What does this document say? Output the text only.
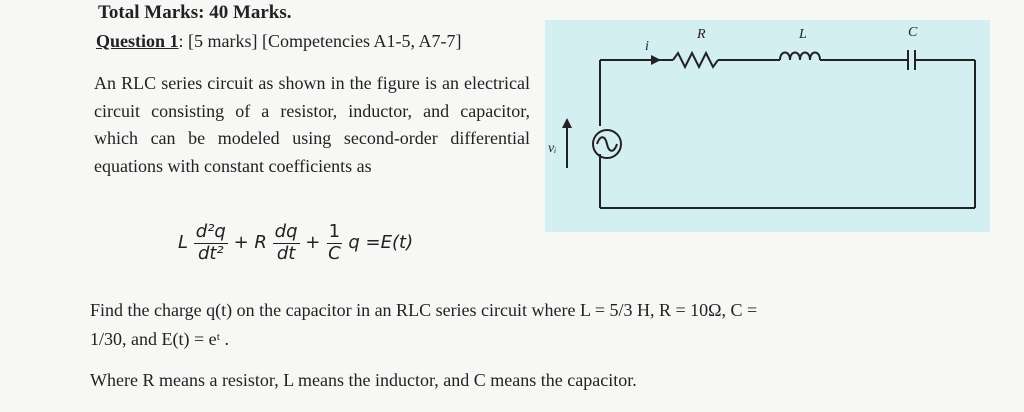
Total Marks: 40 Marks.
Question 1: [5 marks] [Competencies A1-5, A7-7]
An RLC series circuit as shown in the figure is an electrical circuit consisting of a resistor, inductor, and capacitor, which can be modeled using second-order differential equations with constant coefficients as
L $\frac{\text{d²q}}{\text{dt²}} + R \frac{dq}{dt} + \frac{1}{C}$ q =E(t)
Find the charge q(t) on the capacitor in an RLC series circuit where L = 5/3 H, R = 10Ω, C =
1/30, and E(t) = eᵗ .
Where R means a resistor, L means the inductor, and C means the capacitor.
i
R	L	C
vᵢ
